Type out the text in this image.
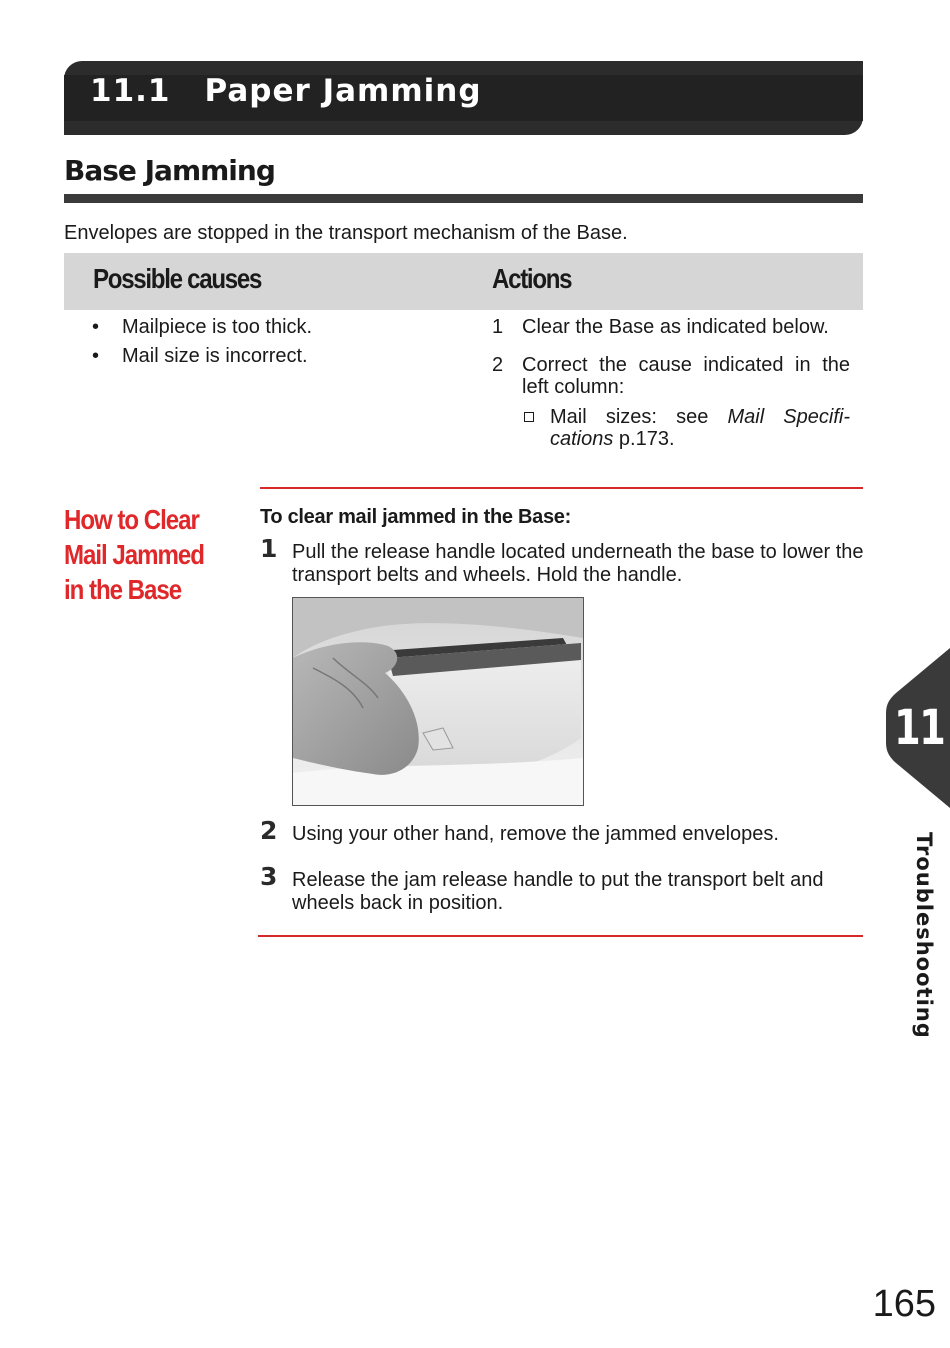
11.1 Paper Jamming
Base Jamming
Envelopes are stopped in the transport mechanism of the Base.
Possible causes	Actions
• Mailpiece is too thick.
• Mail size is incorrect.
1 Clear the Base as indicated below.
2 Correct the cause indicated in the left column:
Mail sizes: see Mail Specifi-cations p.173.
How to Clear
Mail Jammed
in the Base
To clear mail jammed in the Base:
1 Pull the release handle located underneath the base to lower the transport belts and wheels. Hold the handle.
2 Using your other hand, remove the jammed envelopes.
3 Release the jam release handle to put the transport belt and wheels back in position.
11
Troubleshooting
165
